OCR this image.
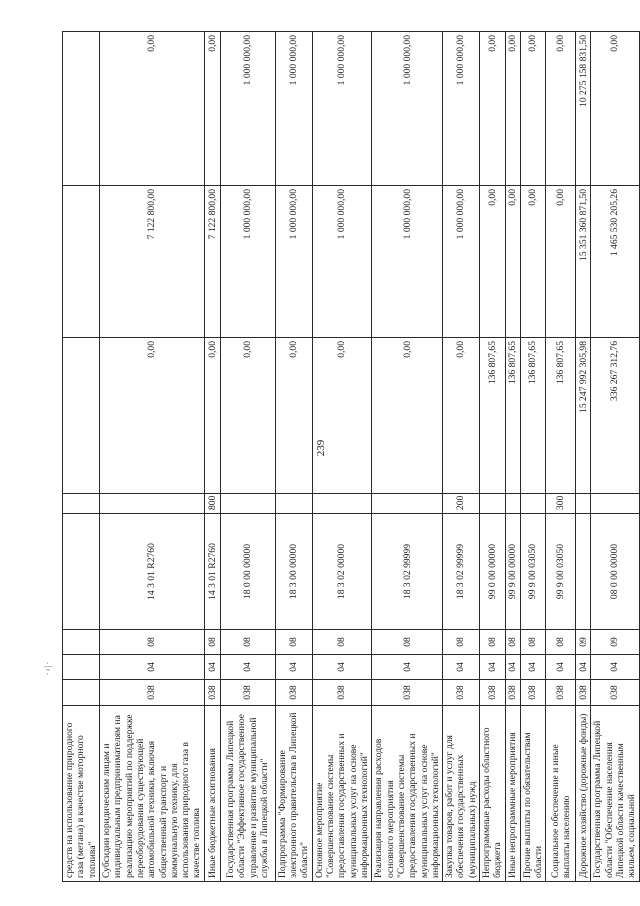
239
·‹|·
средств на использование природного газа (метана) в качестве моторного топлива"								
Субсидии юридическим лицам и индивидуальным предпринимателям на реализацию мероприятий по поддержке переоборудования существующей автомобильной техники, включая общественный транспорт и коммунальную технику, для использования природного газа в качестве топлива	038	04	08	14 3 01 R2760		0,00	7 122 800,00	0,00
Иные бюджетные ассигнования	038	04	08	14 3 01 R2760	800	0,00	7 122 800,00	0,00
Государственная программа Липецкой области "Эффективное государственное управление и развитие муниципальной службы в Липецкой области"	038	04	08	18 0 00 00000		0,00	1 000 000,00	1 000 000,00
Подпрограмма "Формирование электронного правительства в Липецкой области"	038	04	08	18 3 00 00000		0,00	1 000 000,00	1 000 000,00
Основное мероприятие "Совершенствование системы предоставления государственных и муниципальных услуг на основе информационных технологий"	038	04	08	18 3 02 00000		0,00	1 000 000,00	1 000 000,00
Реализация направления расходов основного мероприятия "Совершенствование системы предоставления государственных и муниципальных услуг на основе информационных технологий"	038	04	08	18 3 02 99999		0,00	1 000 000,00	1 000 000,00
Закупка товаров, работ и услуг для обеспечения государственных (муниципальных) нужд	038	04	08	18 3 02 99999	200	0,00	1 000 000,00	1 000 000,00
Непрограммные расходы областного бюджета	038	04	08	99 0 00 00000		136 807,65	0,00	0,00
Иные непрограммные мероприятия	038	04	08	99 9 00 00000		136 807,65	0,00	0,00
Прочие выплаты по обязательствам области	038	04	08	99 9 00 03050		136 807,65	0,00	0,00
Социальное обеспечение и иные выплаты населению	038	04	08	99 9 00 03050	300	136 807,65	0,00	0,00
Дорожное хозяйство (дорожные фонды)	038	04	09			15 247 992 305,98	15 351 360 871,50	10 275 158 831,50
Государственная программа Липецкой области "Обеспечение населения Липецкой области качественным жильем, социальной	038	04	09	08 0 00 00000		336 267 312,76	1 465 530 205,26	0,00
